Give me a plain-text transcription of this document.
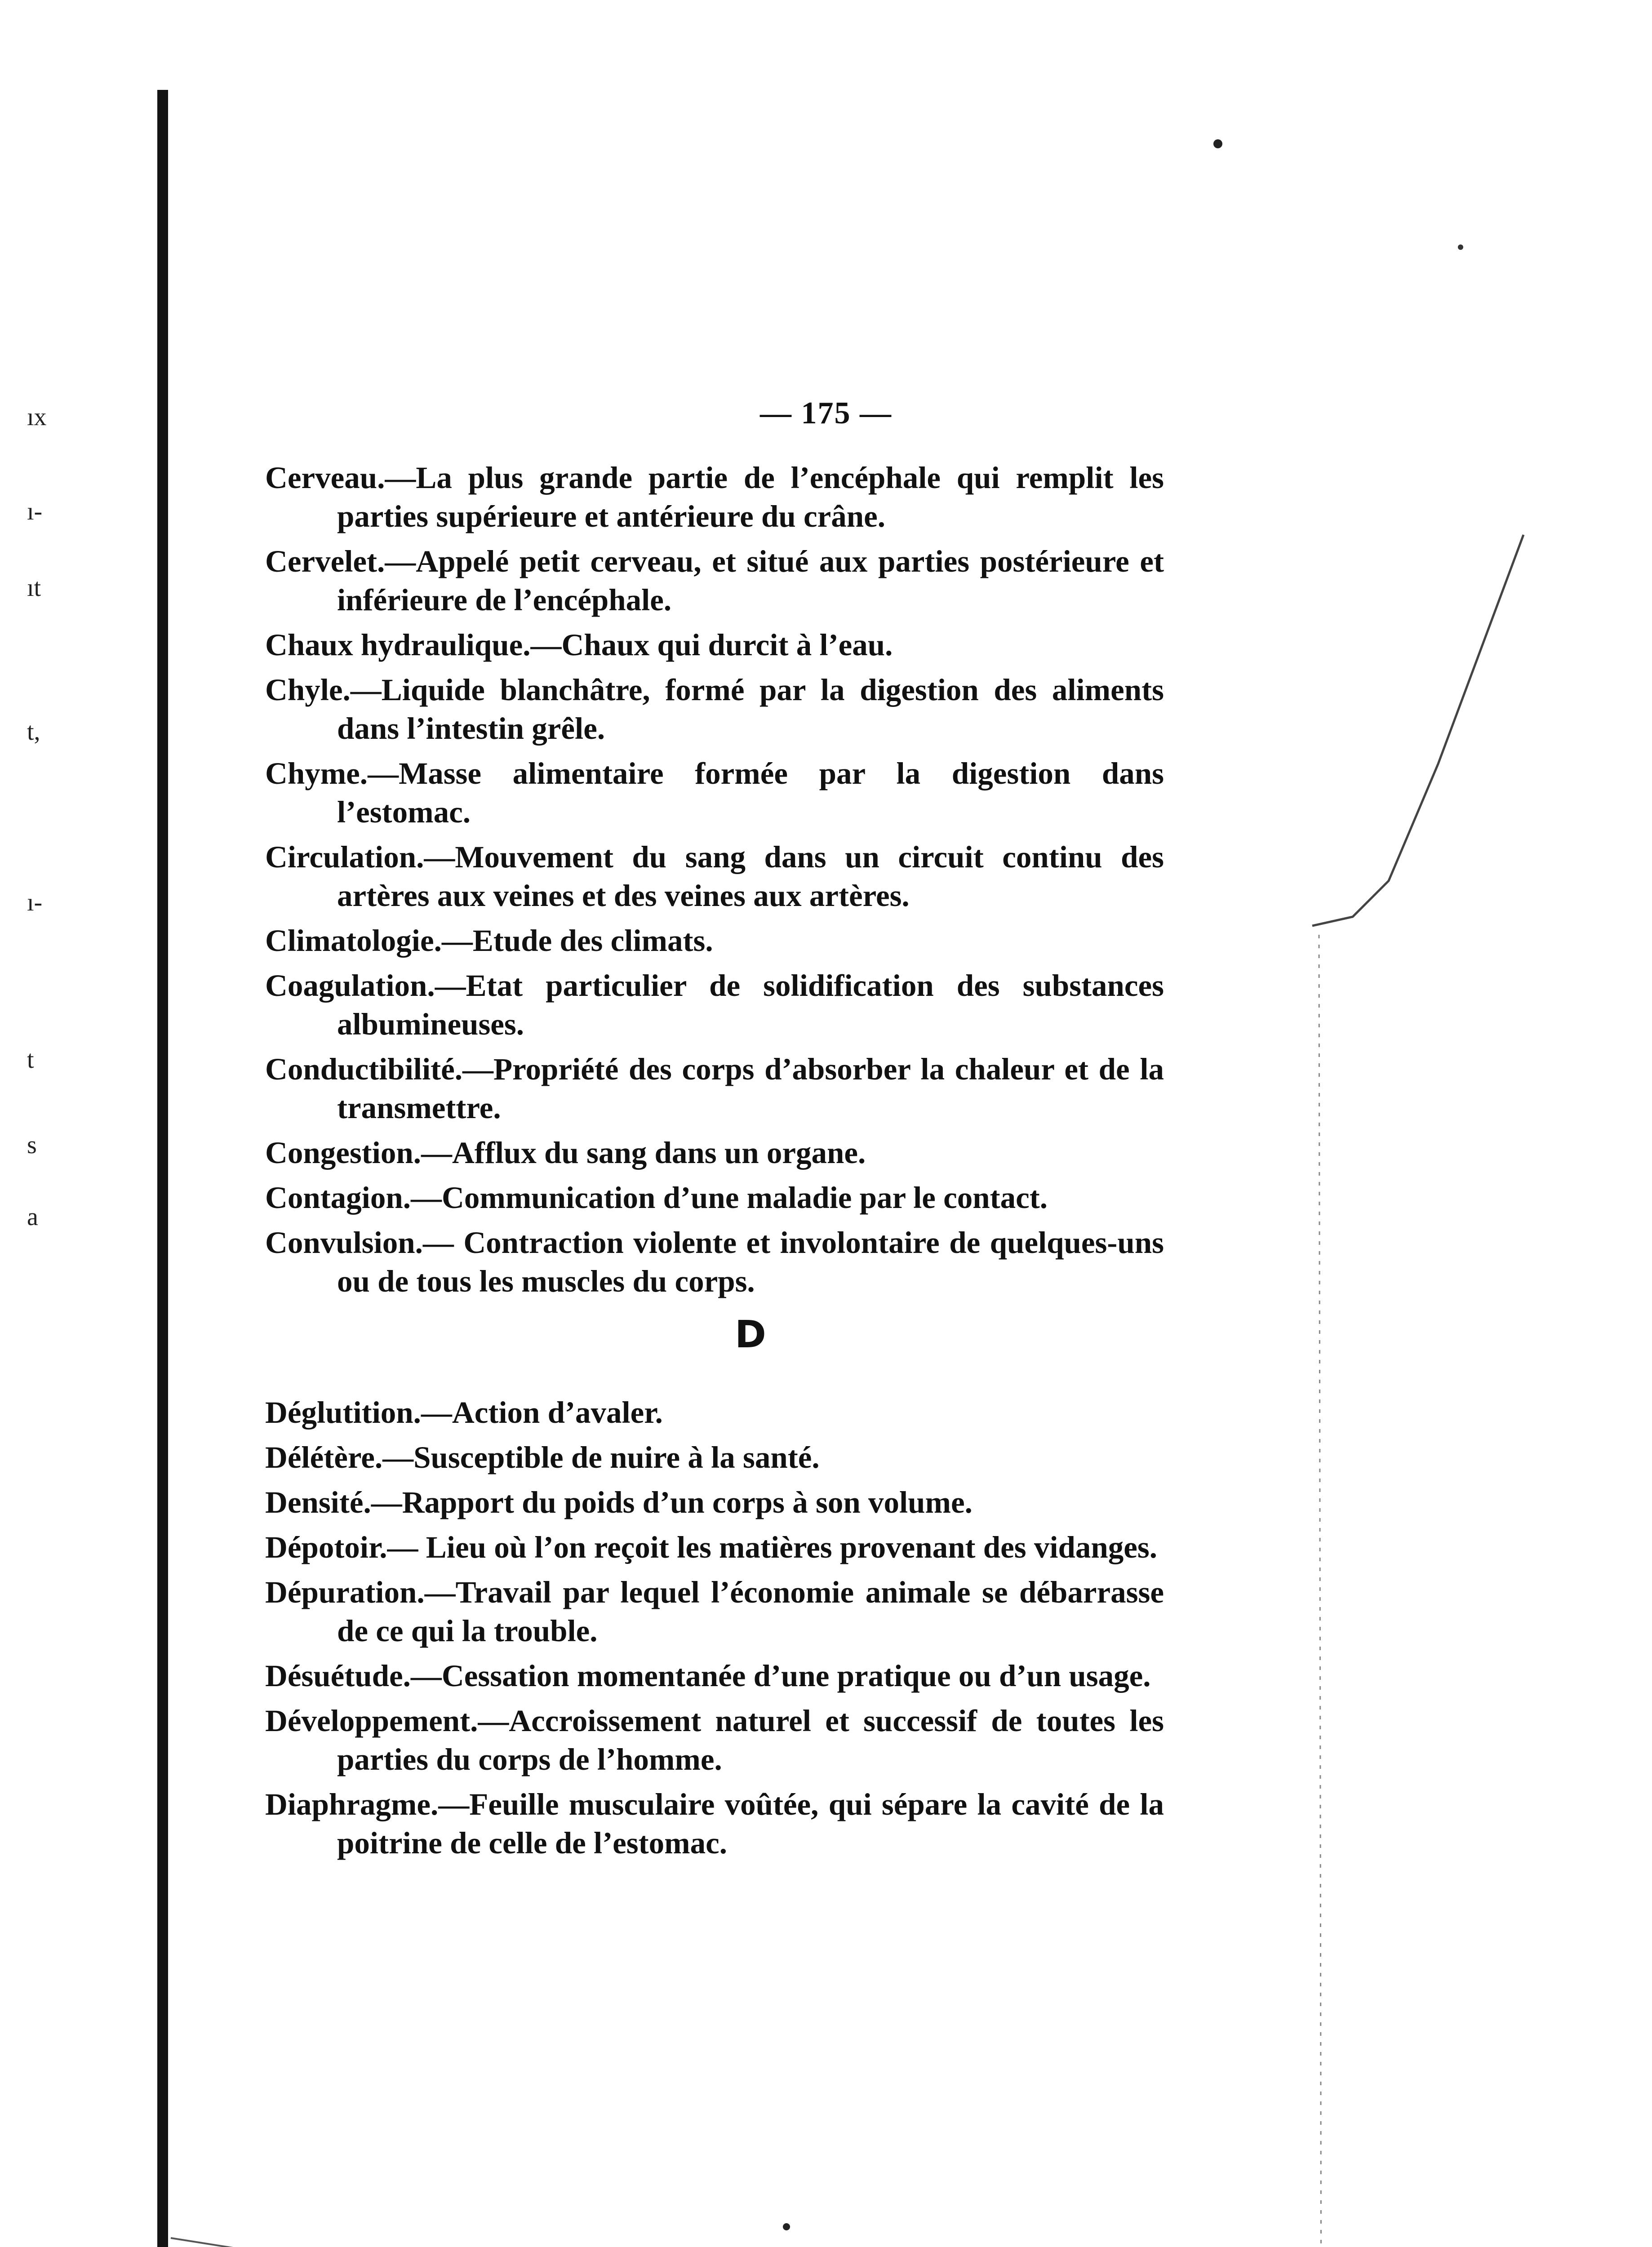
ıx
ı-
ıt
t,
ı-
t
s
a
— 175 —

Cerveau.—La plus grande partie de l’encéphale qui remplit les parties supérieure et antérieure du crâne.

Cervelet.—Appelé petit cerveau, et situé aux parties postérieure et inférieure de l’encéphale.

Chaux hydraulique.—Chaux qui durcit à l’eau.

Chyle.—Liquide blanchâtre, formé par la digestion des aliments dans l’intestin grêle.

Chyme.—Masse alimentaire formée par la digestion dans l’estomac.

Circulation.—Mouvement du sang dans un circuit continu des artères aux veines et des veines aux artères.

Climatologie.—Etude des climats.

Coagulation.—Etat particulier de solidification des substances albumineuses.

Conductibilité.—Propriété des corps d’absorber la chaleur et de la transmettre.

Congestion.—Afflux du sang dans un organe.

Contagion.—Communication d’une maladie par le contact.

Convulsion.— Contraction violente et involontaire de quelques-uns ou de tous les muscles du corps.

D

Déglutition.—Action d’avaler.

Délétère.—Susceptible de nuire à la santé.

Densité.—Rapport du poids d’un corps à son volume.

Dépotoir.— Lieu où l’on reçoit les matières provenant des vidanges.

Dépuration.—Travail par lequel l’économie animale se débarrasse de ce qui la trouble.

Désuétude.—Cessation momentanée d’une pratique ou d’un usage.

Développement.—Accroissement naturel et successif de toutes les parties du corps de l’homme.

Diaphragme.—Feuille musculaire voûtée, qui sépare la cavité de la poitrine de celle de l’estomac.
